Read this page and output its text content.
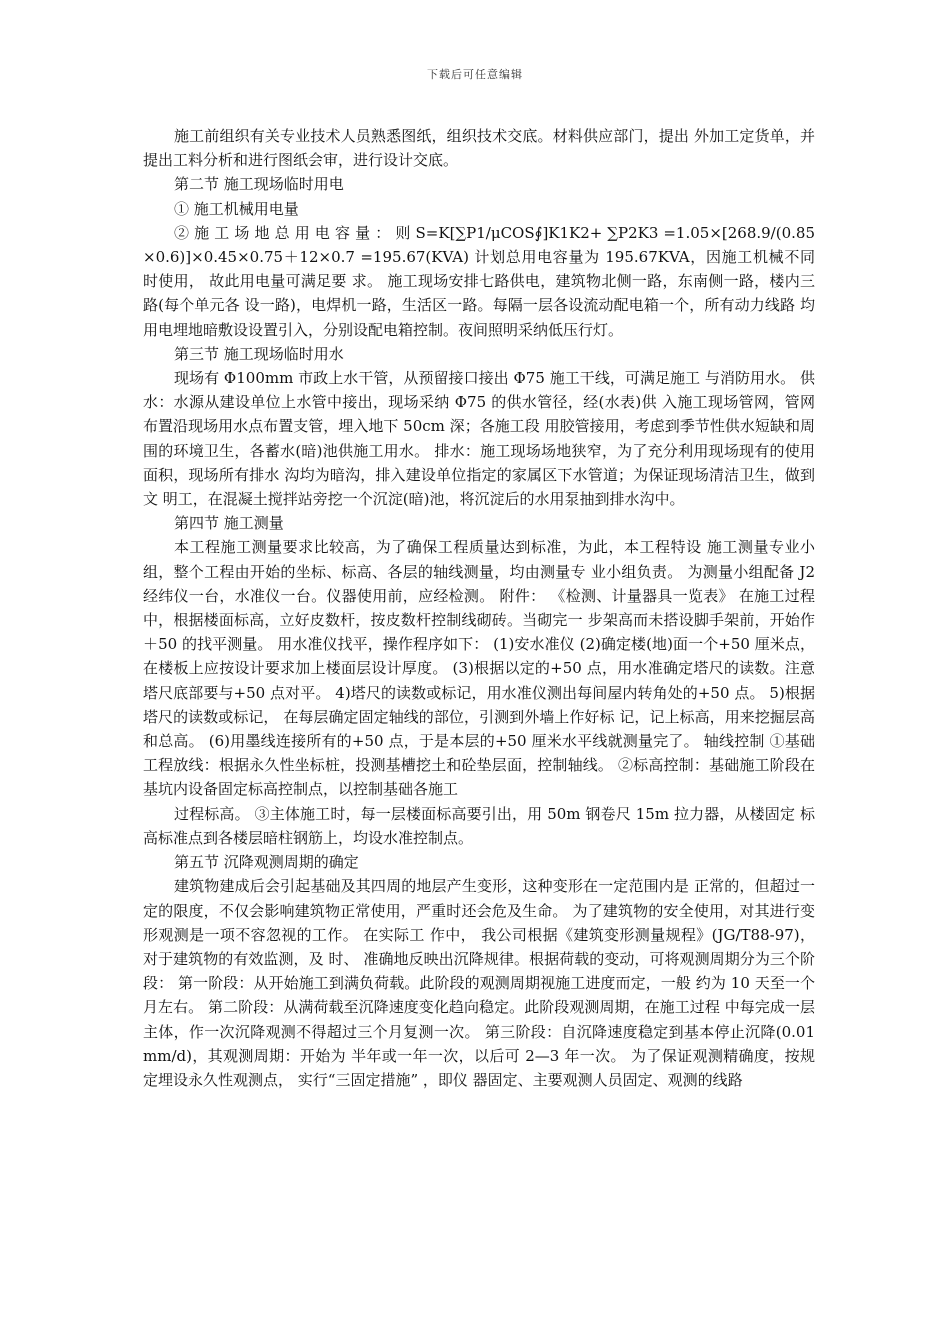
下载后可任意编辑

施工前组织有关专业技术人员熟悉图纸，组织技术交底。材料供应部门，提出 外加工定货单，并提出工料分析和进行图纸会审，进行设计交底。

第二节 施工现场临时用电

① 施工机械用电量

② 施 工 场 地 总 用 电 容 量 ： 则 S=K[∑P1/μCOS∮]K1K2+ ∑P2K3 =1.05×[268.9/(0.85×0.6)]×0.45×0.75＋12×0.7 =195.67(KVA) 计划总用电容量为 195.67KVA，因施工机械不同时使用， 故此用电量可满足要 求。 施工现场安排七路供电，建筑物北侧一路，东南侧一路，楼内三路(每个单元各 设一路)，电焊机一路，生活区一路。每隔一层各设流动配电箱一个，所有动力线路 均用电埋地暗敷设设置引入，分别设配电箱控制。夜间照明采纳低压行灯。

第三节 施工现场临时用水

现场有 Φ100mm 市政上水干管，从预留接口接出 Φ75 施工干线，可满足施工 与消防用水。 供水：水源从建设单位上水管中接出，现场采纳 Φ75 的供水管径，经(水表)供 入施工现场管网，管网布置沿现场用水点布置支管，埋入地下 50cm 深；各施工段 用胶管接用，考虑到季节性供水短缺和周围的环境卫生，各蓄水(暗)池供施工用水。 排水：施工现场场地狭窄，为了充分利用现场现有的使用面积，现场所有排水 沟均为暗沟，排入建设单位指定的家属区下水管道；为保证现场清洁卫生，做到文 明工，在混凝土搅拌站旁挖一个沉淀(暗)池，将沉淀后的水用泵抽到排水沟中。

第四节 施工测量

本工程施工测量要求比较高，为了确保工程质量达到标准，为此，本工程特设 施工测量专业小组，整个工程由开始的坐标、标高、各层的轴线测量，均由测量专 业小组负责。 为测量小组配备 J2 经纬仪一台，水准仪一台。仪器使用前，应经检测。 附件： 《检测、计量器具一览表》 在施工过程中，根据楼面标高，立好皮数杆，按皮数杆控制线砌砖。当砌完一 步架高而未搭设脚手架前，开始作＋50 的找平测量。 用水准仪找平，操作程序如下： (1)安水准仪 (2)确定楼(地)面一个+50 厘米点，在楼板上应按设计要求加上楼面层设计厚度。 (3)根据以定的+50 点，用水准确定塔尺的读数。注意塔尺底部要与+50 点对平。 4)塔尺的读数或标记，用水准仪测出每间屋内转角处的+50 点。 5)根据塔尺的读数或标记， 在每层确定固定轴线的部位，引测到外墙上作好标 记，记上标高，用来挖掘层高和总高。 (6)用墨线连接所有的+50 点，于是本层的+50 厘米水平线就测量完了。 轴线控制 ①基础工程放线：根据永久性坐标桩，投测基槽挖土和砼垫层面，控制轴线。 ②标高控制：基础施工阶段在基坑内设备固定标高控制点，以控制基础各施工

过程标高。 ③主体施工时，每一层楼面标高要引出，用 50m 钢卷尺 15m 拉力器，从楼固定 标高标准点到各楼层暗柱钢筋上，均设水准控制点。

第五节 沉降观测周期的确定

建筑物建成后会引起基础及其四周的地层产生变形，这种变形在一定范围内是 正常的，但超过一定的限度，不仅会影响建筑物正常使用，严重时还会危及生命。 为了建筑物的安全使用，对其进行变形观测是一项不容忽视的工作。 在实际工 作中， 我公司根据《建筑变形测量规程》(JG/T88-97)，对于建筑物的有效监测，及 时、 准确地反映出沉降规律。根据荷载的变动，可将观测周期分为三个阶段： 第一阶段：从开始施工到满负荷载。此阶段的观测周期视施工进度而定，一般 约为 10 天至一个月左右。 第二阶段：从满荷载至沉降速度变化趋向稳定。此阶段观测周期，在施工过程 中每完成一层主体，作一次沉降观测不得超过三个月复测一次。 第三阶段：自沉降速度稳定到基本停止沉降(0.01mm/d)，其观测周期：开始为 半年或一年一次，以后可 2—3 年一次。 为了保证观测精确度，按规定埋设永久性观测点， 实行“三固定措施” ，即仪 器固定、主要观测人员固定、观测的线路
